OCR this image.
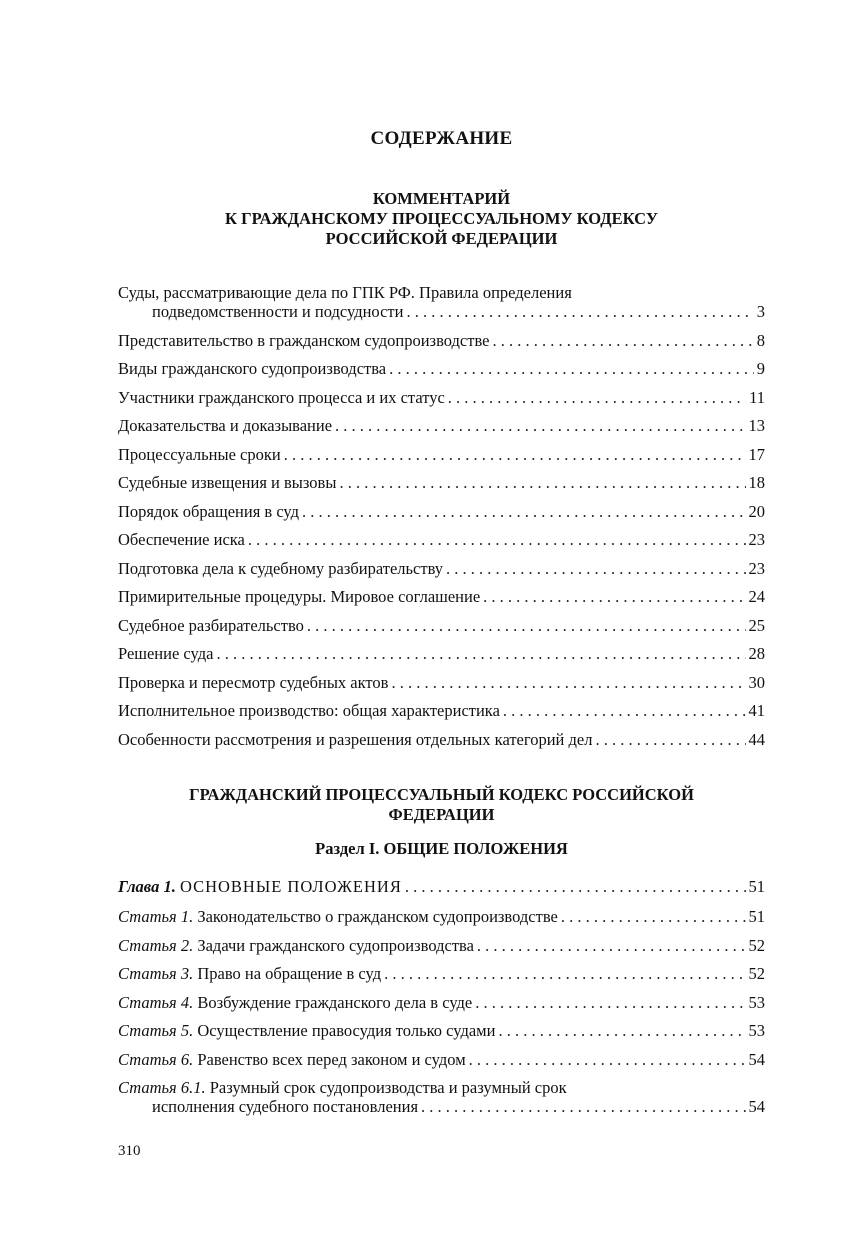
СОДЕРЖАНИЕ
КОММЕНТАРИЙ
К ГРАЖДАНСКОМУ ПРОЦЕССУАЛЬНОМУ КОДЕКСУ
РОССИЙСКОЙ ФЕДЕРАЦИИ
Суды, рассматривающие дела по ГПК РФ. Правила определения
подведомственности и подсудности . . .	3
Представительство в гражданском судопроизводстве . . .	8
Виды гражданского судопроизводства . . .	9
Участники гражданского процесса и их статус . . .	11
Доказательства и доказывание . . .	13
Процессуальные сроки . . .	17
Судебные извещения и вызовы . . .	18
Порядок обращения в суд . . .	20
Обеспечение иска . . .	23
Подготовка дела к судебному разбирательству . . .	23
Примирительные процедуры. Мировое соглашение . . .	24
Судебное разбирательство . . .	25
Решение суда . . .	28
Проверка и пересмотр судебных актов . . .	30
Исполнительное производство: общая характеристика . . .	41
Особенности рассмотрения и разрешения отдельных категорий дел . . .	44
ГРАЖДАНСКИЙ ПРОЦЕССУАЛЬНЫЙ КОДЕКС РОССИЙСКОЙ
ФЕДЕРАЦИИ
Раздел I. ОБЩИЕ ПОЛОЖЕНИЯ
Глава 1. ОСНОВНЫЕ ПОЛОЖЕНИЯ . . .	51
Статья 1. Законодательство о гражданском судопроизводстве . . .	51
Статья 2. Задачи гражданского судопроизводства . . .	52
Статья 3. Право на обращение в суд . . .	52
Статья 4. Возбуждение гражданского дела в суде . . .	53
Статья 5. Осуществление правосудия только судами . . .	53
Статья 6. Равенство всех перед законом и судом . . .	54
Статья 6.1. Разумный срок судопроизводства и разумный срок
исполнения судебного постановления . . .	54
310
